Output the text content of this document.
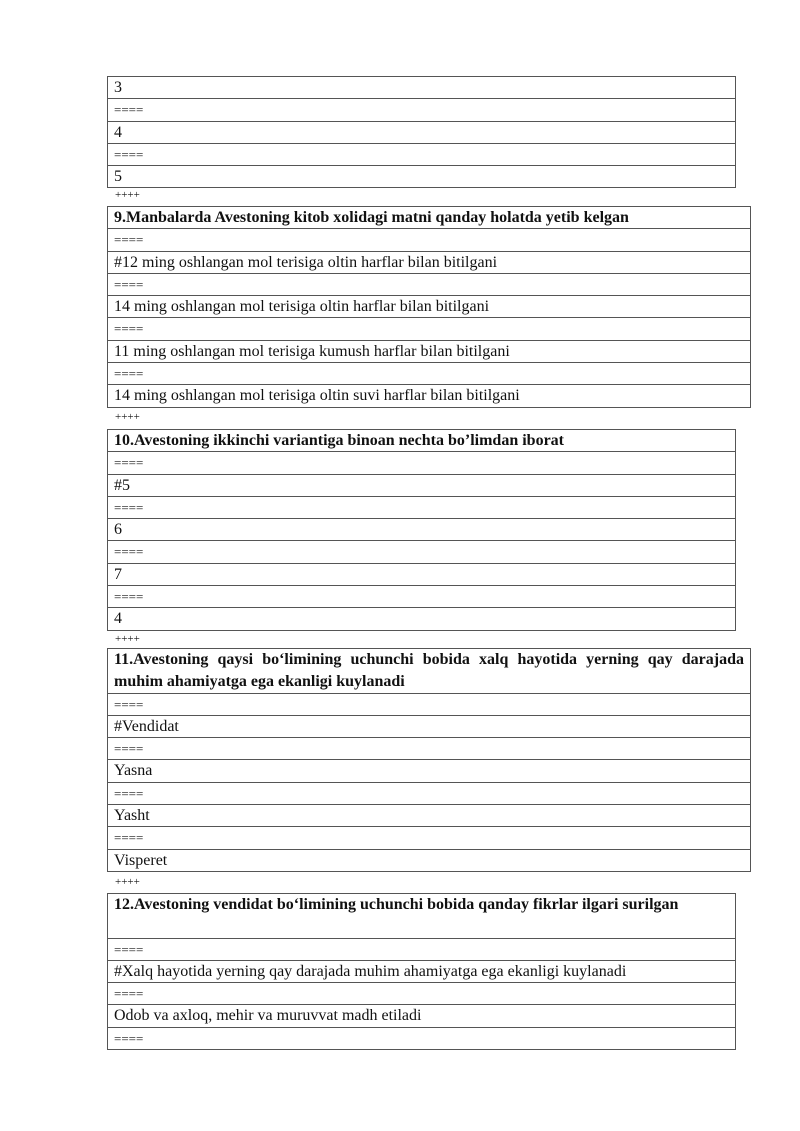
3
====
4
====
5
++++
9.Manbalarda Avestoning kitob xolidagi matni qanday holatda yetib kelgan
====
#12 ming oshlangan mol terisiga oltin harflar bilan bitilgani
====
14 ming oshlangan mol terisiga oltin harflar bilan bitilgani
====
11 ming oshlangan mol terisiga kumush harflar bilan bitilgani
====
14 ming oshlangan mol terisiga oltin suvi harflar bilan bitilgani
++++
10.Avestoning ikkinchi variantiga binoan nechta bo’limdan iborat
====
#5
====
6
====
7
====
4
++++
11.Avestoning qaysi bo‘limining uchunchi bobida xalq hayotida yerning qay darajada muhim ahamiyatga ega ekanligi kuylanadi
====
#Vendidat
====
Yasna
====
Yasht
====
Visperet
++++
12.Avestoning vendidat bo‘limining uchunchi bobida qanday fikrlar ilgari surilgan
====
#Xalq hayotida yerning qay darajada muhim ahamiyatga ega ekanligi kuylanadi
====
Odob va axloq, mehir va muruvvat madh etiladi
====
